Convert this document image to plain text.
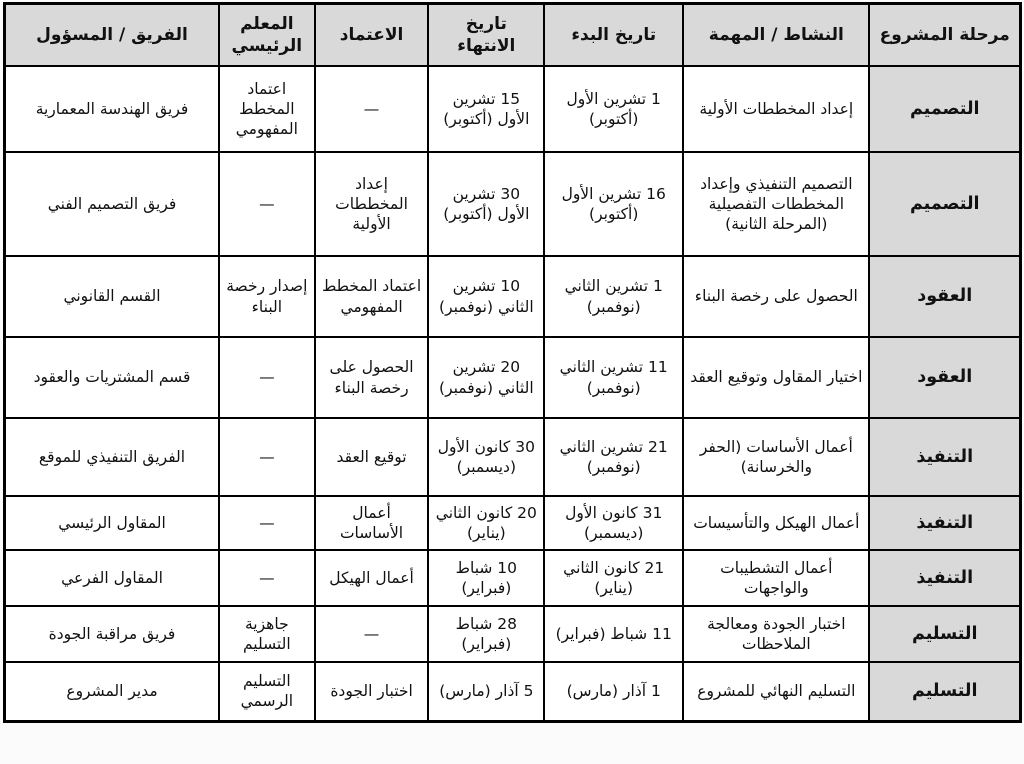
مرحلة المشروع	النشاط / المهمة	تاريخ البدء	تاريخ الانتهاء	الاعتماد	المعلم الرئيسي	الفريق / المسؤول
التصميم	إعداد المخططات الأولية	1 تشرين الأول (أكتوبر)	15 تشرين الأول (أكتوبر)	—	اعتماد المخطط المفهومي	فريق الهندسة المعمارية
التصميم	التصميم التنفيذي وإعداد المخططات التفصيلية (المرحلة الثانية)	16 تشرين الأول (أكتوبر)	30 تشرين الأول (أكتوبر)	إعداد المخططات الأولية	—	فريق التصميم الفني
العقود	الحصول على رخصة البناء	1 تشرين الثاني (نوفمبر)	10 تشرين الثاني (نوفمبر)	اعتماد المخطط المفهومي	إصدار رخصة البناء	القسم القانوني
العقود	اختيار المقاول وتوقيع العقد	11 تشرين الثاني (نوفمبر)	20 تشرين الثاني (نوفمبر)	الحصول على رخصة البناء	—	قسم المشتريات والعقود
التنفيذ	أعمال الأساسات (الحفر والخرسانة)	21 تشرين الثاني (نوفمبر)	30 كانون الأول (ديسمبر)	توقيع العقد	—	الفريق التنفيذي للموقع
التنفيذ	أعمال الهيكل والتأسيسات	31 كانون الأول (ديسمبر)	20 كانون الثاني (يناير)	أعمال الأساسات	—	المقاول الرئيسي
التنفيذ	أعمال التشطيبات والواجهات	21 كانون الثاني (يناير)	10 شباط (فبراير)	أعمال الهيكل	—	المقاول الفرعي
التسليم	اختبار الجودة ومعالجة الملاحظات	11 شباط (فبراير)	28 شباط (فبراير)	—	جاهزية التسليم	فريق مراقبة الجودة
التسليم	التسليم النهائي للمشروع	1 آذار (مارس)	5 آذار (مارس)	اختبار الجودة	التسليم الرسمي	مدير المشروع
